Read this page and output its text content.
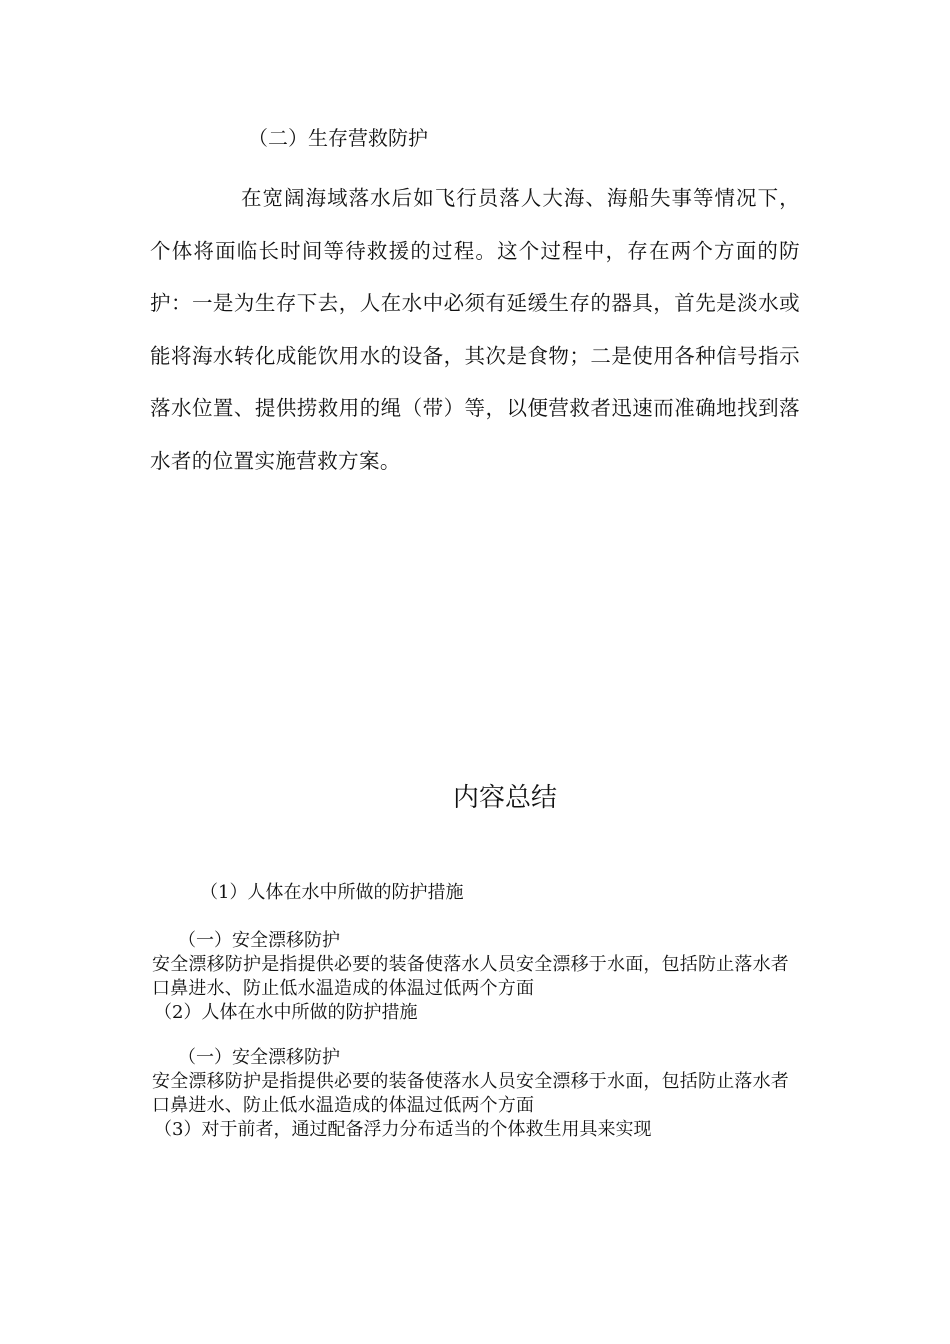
（二）生存营救防护
在宽阔海域落水后如飞行员落人大海、海船失事等情况下，个体将面临长时间等待救援的过程。这个过程中，存在两个方面的防护：一是为生存下去，人在水中必须有延缓生存的器具，首先是淡水或能将海水转化成能饮用水的设备，其次是食物；二是使用各种信号指示落水位置、提供捞救用的绳（带）等，以便营救者迅速而准确地找到落水者的位置实施营救方案。
内容总结
（1）人体在水中所做的防护措施
（一）安全漂移防护
安全漂移防护是指提供必要的装备使落水人员安全漂移于水面，包括防止落水者口鼻进水、防止低水温造成的体温过低两个方面
（2）人体在水中所做的防护措施
（一）安全漂移防护
安全漂移防护是指提供必要的装备使落水人员安全漂移于水面，包括防止落水者口鼻进水、防止低水温造成的体温过低两个方面
（3）对于前者，通过配备浮力分布适当的个体救生用具来实现
